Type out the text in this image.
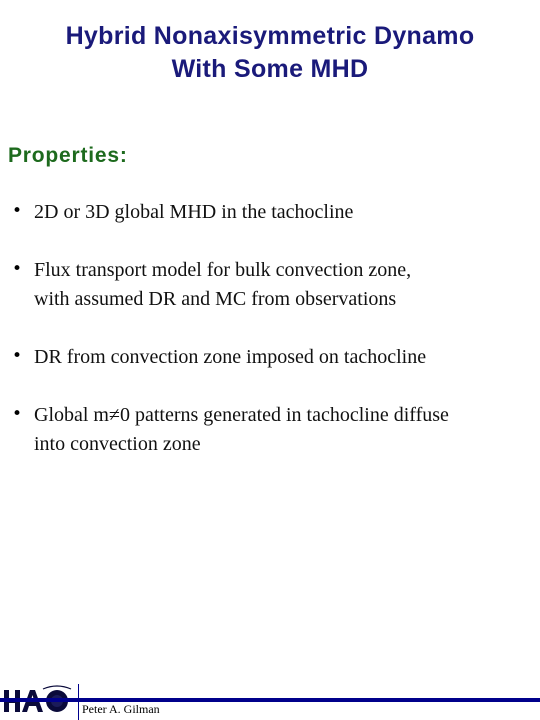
Hybrid Nonaxisymmetric Dynamo
With Some MHD
Properties:
• 2D or 3D global MHD in the tachocline
• Flux transport model for bulk convection zone,
with assumed DR and MC from observations
• DR from convection zone imposed on tachocline
• Global m≠0 patterns generated in tachocline diffuse
into convection zone
Peter A. Gilman
